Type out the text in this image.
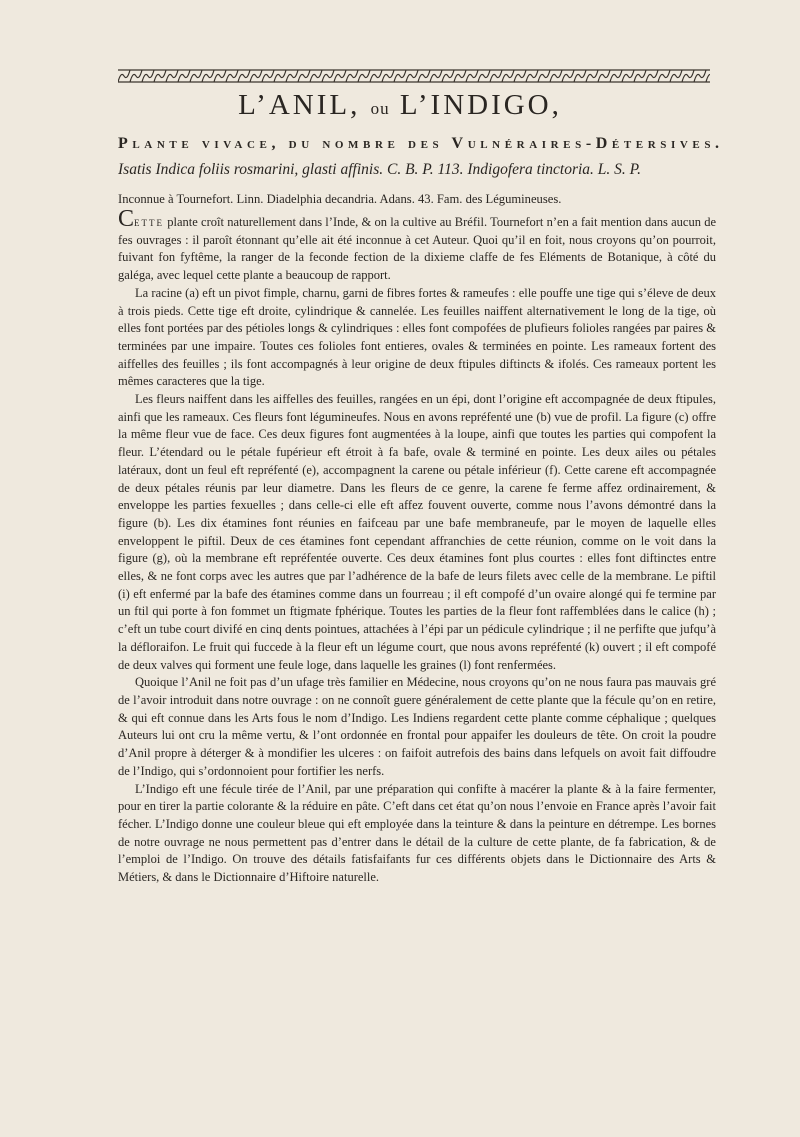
L’ANIL, ou L’INDIGO,
Plante vivace, du nombre des Vulnéraires-Détersives.
Isatis Indica foliis rosmarini, glasti affinis. C. B. P. 113. Indigofera tinctoria. L. S. P.
Inconnue à Tournefort. Linn. Diadelphia decandria. Adans. 43. Fam. des Légumineuses.

Cette plante croît naturellement dans l’Inde, & on la cultive au Bréfil. Tournefort n’en a fait mention dans aucun de fes ouvrages : il paroît étonnant qu’elle ait été inconnue à cet Auteur. Quoi qu’il en foit, nous croyons qu’on pourroit, fuivant fon fyftême, la ranger de la feconde fection de la dixieme claffe de fes Eléments de Botanique, à côté du galéga, avec lequel cette plante a beaucoup de rapport.

La racine (a) eft un pivot fimple, charnu, garni de fibres fortes & rameufes : elle pouffe une tige qui s’éleve de deux à trois pieds. Cette tige eft droite, cylindrique & cannelée. Les feuilles naiffent alternativement le long de la tige, où elles font portées par des pétioles longs & cylindriques : elles font compofées de plufieurs folioles rangées par paires & terminées par une impaire. Toutes ces folioles font entieres, ovales & terminées en pointe. Les rameaux fortent des aiffelles des feuilles ; ils font accompagnés à leur origine de deux ftipules diftincts & ifolés. Ces rameaux portent les mêmes caracteres que la tige.

Les fleurs naiffent dans les aiffelles des feuilles, rangées en un épi, dont l’origine eft accompagnée de deux ftipules, ainfi que les rameaux. Ces fleurs font légumineufes. Nous en avons repréfenté une (b) vue de profil. La figure (c) offre la même fleur vue de face. Ces deux figures font augmentées à la loupe, ainfi que toutes les parties qui compofent la fleur. L’étendard ou le pétale fupérieur eft étroit à fa bafe, ovale & terminé en pointe. Les deux ailes ou pétales latéraux, dont un feul eft repréfenté (e), accompagnent la carene ou pétale inférieur (f). Cette carene eft accompagnée de deux pétales réunis par leur diametre. Dans les fleurs de ce genre, la carene fe ferme affez ordinairement, & enveloppe les parties fexuelles ; dans celle-ci elle eft affez fouvent ouverte, comme nous l’avons démontré dans la figure (b). Les dix étamines font réunies en faifceau par une bafe membraneufe, par le moyen de laquelle elles enveloppent le piftil. Deux de ces étamines font cependant affranchies de cette réunion, comme on le voit dans la figure (g), où la membrane eft repréfentée ouverte. Ces deux étamines font plus courtes : elles font diftinctes entre elles, & ne font corps avec les autres que par l’adhérence de la bafe de leurs filets avec celle de la membrane. Le piftil (i) eft enfermé par la bafe des étamines comme dans un fourreau ; il eft compofé d’un ovaire alongé qui fe termine par un ftil qui porte à fon fommet un ftigmate fphérique. Toutes les parties de la fleur font raffemblées dans le calice (h) ; c’eft un tube court divifé en cinq dents pointues, attachées à l’épi par un pédicule cylindrique ; il ne perfifte que jufqu’à la défloraifon. Le fruit qui fuccede à la fleur eft un légume court, que nous avons repréfenté (k) ouvert ; il eft compofé de deux valves qui forment une feule loge, dans laquelle les graines (l) font renfermées.

Quoique l’Anil ne foit pas d’un ufage très familier en Médecine, nous croyons qu’on ne nous faura pas mauvais gré de l’avoir introduit dans notre ouvrage : on ne connoît guere généralement de cette plante que la fécule qu’on en retire, & qui eft connue dans les Arts fous le nom d’Indigo. Les Indiens regardent cette plante comme céphalique ; quelques Auteurs lui ont cru la même vertu, & l’ont ordonnée en frontal pour appaifer les douleurs de tête. On croit la poudre d’Anil propre à déterger & à mondifier les ulceres : on faifoit autrefois des bains dans lefquels on avoit fait diffoudre de l’Indigo, qui s’ordonnoient pour fortifier les nerfs.

L’Indigo eft une fécule tirée de l’Anil, par une préparation qui confifte à macérer la plante & à la faire fermenter, pour en tirer la partie colorante & la réduire en pâte. C’eft dans cet état qu’on nous l’envoie en France après l’avoir fait fécher. L’Indigo donne une couleur bleue qui eft employée dans la teinture & dans la peinture en détrempe. Les bornes de notre ouvrage ne nous permettent pas d’entrer dans le détail de la culture de cette plante, de fa fabrication, & de l’emploi de l’Indigo. On trouve des détails fatisfaifants fur ces différents objets dans le Dictionnaire des Arts & Métiers, & dans le Dictionnaire d’Hiftoire naturelle.
